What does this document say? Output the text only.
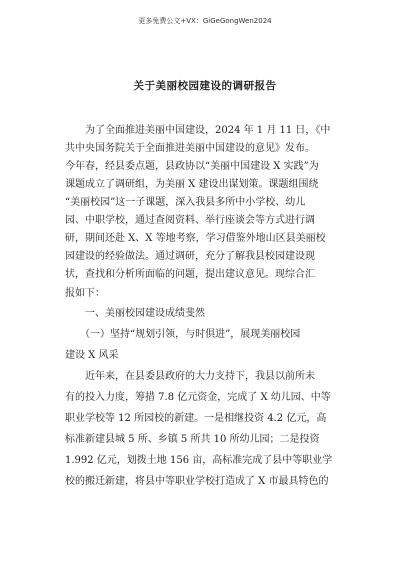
更多免费公文+VX：GiGeGongWen2024
关于美丽校园建设的调研报告
　　为了全面推进美丽中国建设，2024 年 1 月 11 日，《中
共中央国务院关于全面推进美丽中国建设的意见》发布。
今年春，经县委点题，县政协以“美丽中国建设 X 实践”为
课题成立了调研组，为美丽 X 建设出谋划策。课题组围绕
“美丽校园”这一子课题，深入我县多所中小学校、幼儿
园、中职学校，通过查阅资料、举行座谈会等方式进行调
研，期间还赴 X、X 等地考察，学习借鉴外地山区县美丽校
园建设的经验做法。通过调研，充分了解我县校园建设现
状，查找和分析所面临的问题，提出建议意见。现综合汇
报如下：
　　一、美丽校园建设成绩斐然
　　（一）坚持“规划引领，与时俱进”，展现美丽校园
建设 X 风采
　　近年来，在县委县政府的大力支持下，我县以前所未
有的投入力度，筹措 7.8 亿元资金，完成了 X 幼儿园、中等
职业学校等 12 所园校的新建。一是相继投资 4.2 亿元，高
标准新建县城 5 所、乡镇 5 所共 10 所幼儿园；二是投资
1.992 亿元，划拨土地 156 亩，高标准完成了县中等职业学
校的搬迁新建，将县中等职业学校打造成了 X 市最具特色的
